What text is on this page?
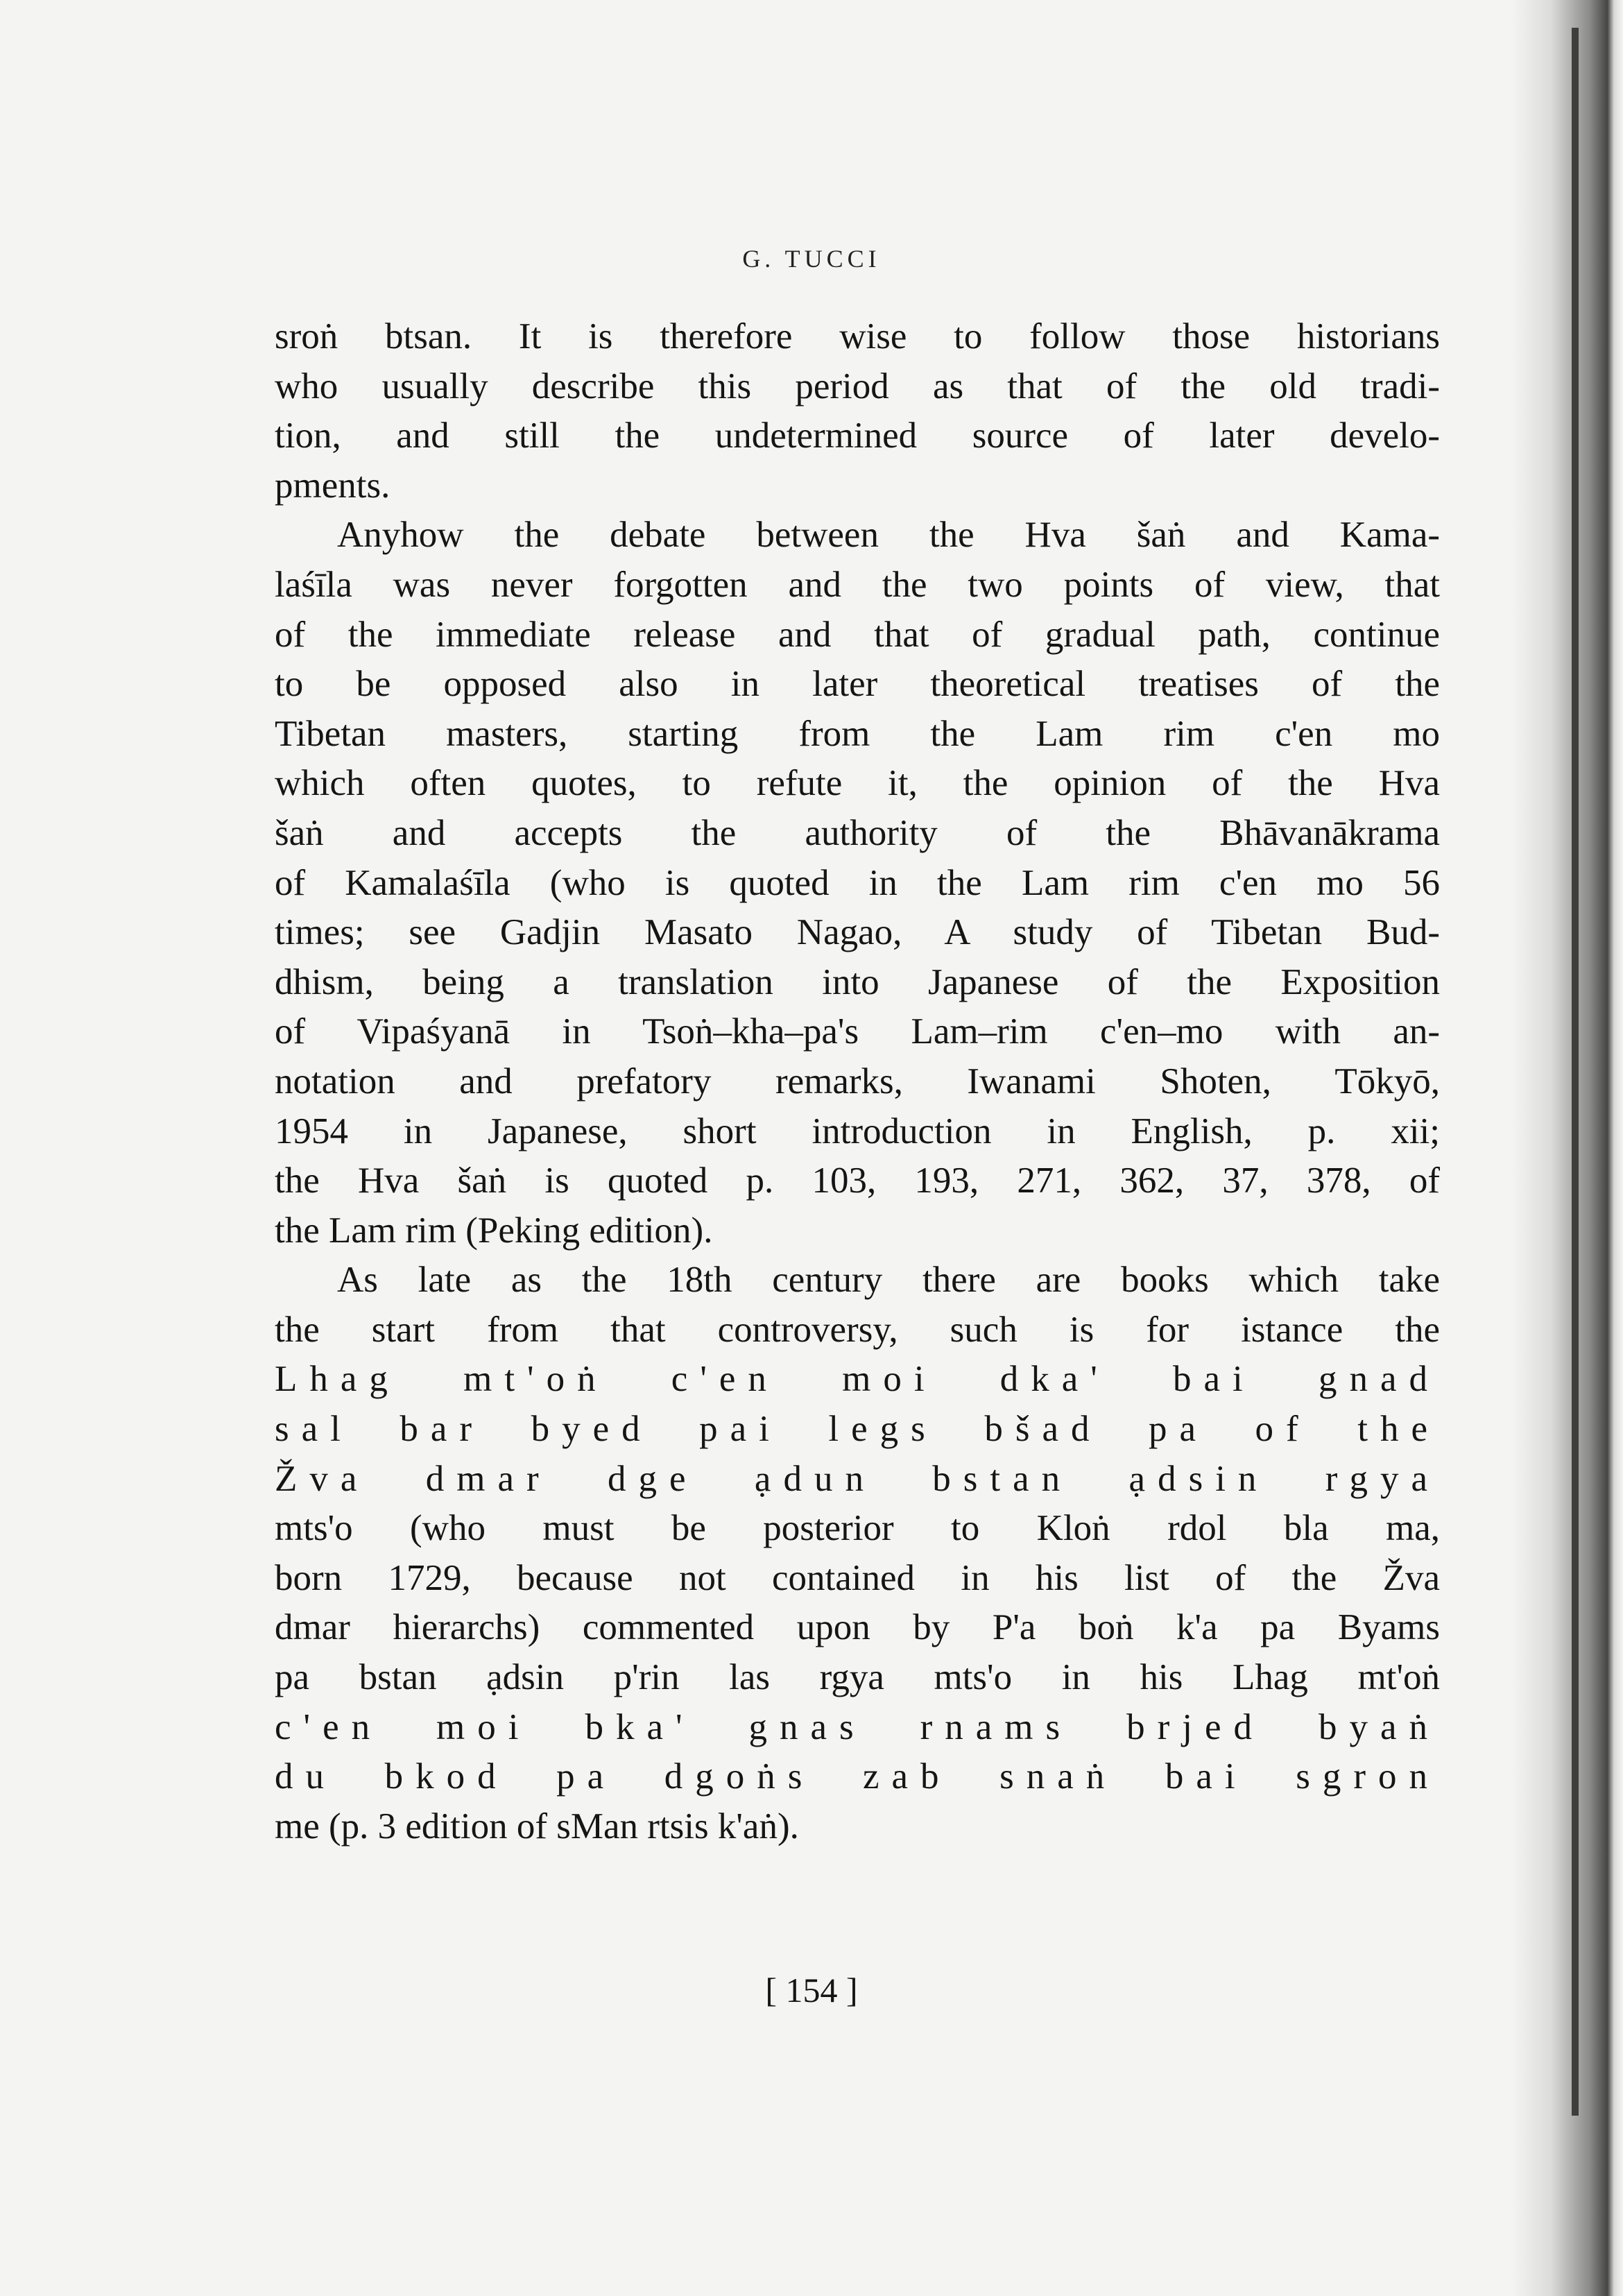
G. TUCCI
sroṅ btsan. It is therefore wise to follow those historians
who usually describe this period as that of the old tradi-
tion, and still the undetermined source of later develo-
pments.
Anyhow the debate between the Hva šaṅ and Kama-
laśīla was never forgotten and the two points of view, that
of the immediate release and that of gradual path, continue
to be opposed also in later theoretical treatises of the
Tibetan masters, starting from the Lam rim c'en mo
which often quotes, to refute it, the opinion of the Hva
šaṅ and accepts the authority of the Bhāvanākrama
of Kamalaśīla (who is quoted in the Lam rim c'en mo 56
times; see Gadjin Masato Nagao, A study of Tibetan Bud-
dhism, being a translation into Japanese of the Exposition
of Vipaśyanā in Tsoṅ–kha–pa's Lam–rim c'en–mo with an-
notation and prefatory remarks, Iwanami Shoten, Tōkyō,
1954 in Japanese, short introduction in English, p. xii;
the Hva šaṅ is quoted p. 103, 193, 271, 362, 37, 378, of
the Lam rim (Peking edition).
As late as the 18th century there are books which take
the start from that controversy, such is for istance the
Lhag mt'oṅ c'en moi dka' bai gnad
sal bar byed pai legs bšad pa of the
Žva dmar dge ạdun bstan ạdsin rgya
mts'o (who must be posterior to Kloṅ rdol bla ma,
born 1729, because not contained in his list of the Žva
dmar hierarchs) commented upon by P'a boṅ k'a pa Byams
pa bstan ạdsin p'rin las rgya mts'o in his Lhag mt'oṅ
c'en moi bka' gnas rnams brjed byaṅ
du bkod pa dgoṅs zab snaṅ bai sgron
me (p. 3 edition of sMan rtsis k'aṅ).
[ 154 ]
